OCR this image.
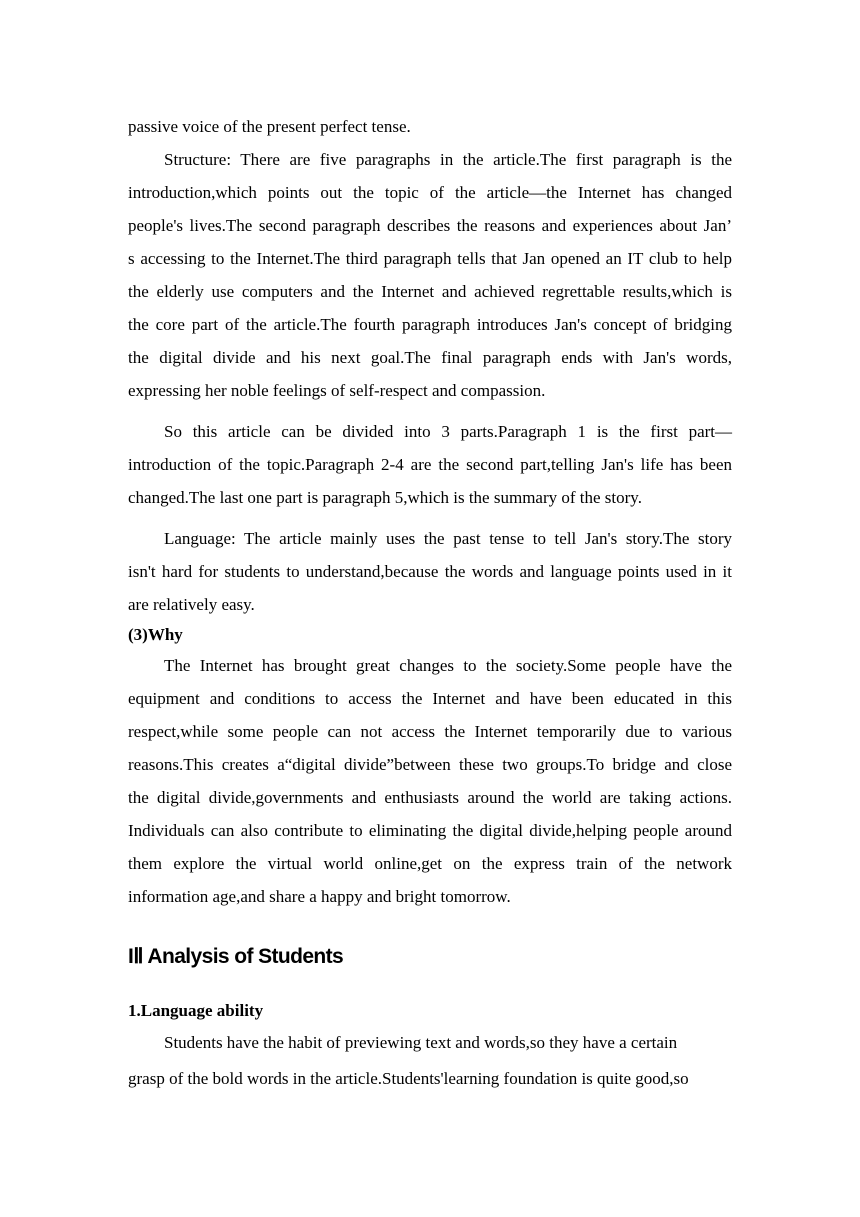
passive voice of the present perfect tense.

Structure: There are five paragraphs in the article.The first paragraph is the

introduction,which points out the topic of the article—the Internet has changed

people's lives.The second paragraph describes the reasons and experiences about Jan’

s accessing to the Internet.The third paragraph tells that Jan opened an IT club to help

the elderly use computers and the Internet and achieved regrettable results,which is

the core part of the article.The fourth paragraph introduces Jan's concept of bridging

the digital divide and his next goal.The final paragraph ends with Jan's words,

expressing her noble feelings of self-respect and compassion.

So this article can be divided into 3 parts.Paragraph 1 is the first part—

introduction of the topic.Paragraph 2-4 are the second part,telling Jan's life has been

changed.The last one part is paragraph 5,which is the summary of the story.

Language: The article mainly uses the past tense to tell Jan's story.The story

isn't hard for students to understand,because the words and language points used in it

are relatively easy.

(3)Why

The Internet has brought great changes to the society.Some people have the

equipment and conditions to access the Internet and have been educated in this

respect,while some people can not access the Internet temporarily due to various

reasons.This creates a“digital divide”between these two groups.To bridge and close

the digital divide,governments and enthusiasts around the world are taking actions.

Individuals can also contribute to eliminating the digital divide,helping people around

them explore the virtual world online,get on the express train of the network

information age,and share a happy and bright tomorrow.

IⅡ Analysis of Students

1.Language ability

Students have the habit of previewing text and words,so they have a certain

grasp of the bold words in the article.Students'learning foundation is quite good,so
